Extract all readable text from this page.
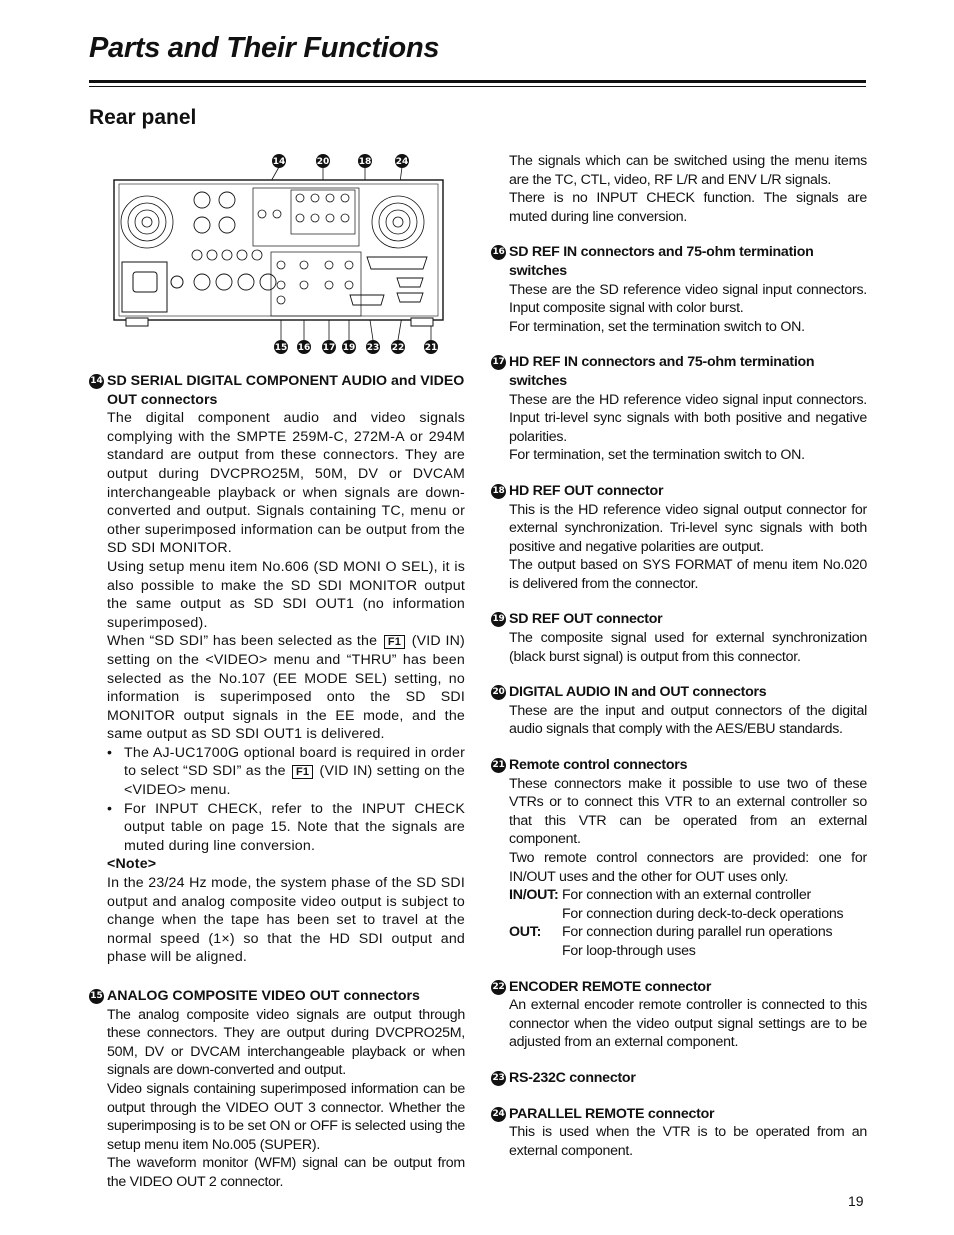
Parts and Their Functions
Rear panel
14	20	18	24
15 16 17 19 23 22 21
14 SD SERIAL DIGITAL COMPONENT AUDIO and VIDEO OUT connectors

The digital component audio and video signals complying with the SMPTE 259M-C, 272M-A or 294M standard are output from these connectors. They are output during DVCPRO25M, 50M, DV or DVCAM interchangeable playback or when signals are down-converted and output. Signals containing TC, menu or other superimposed information can be output from the SD SDI MONITOR.

Using setup menu item No.606 (SD MONI O SEL), it is also possible to make the SD SDI MONITOR output the same output as SD SDI OUT1 (no information superimposed).

When “SD SDI” has been selected as the F1 (VID IN) setting on the <VIDEO> menu and “THRU” has been selected as the No.107 (EE MODE SEL) setting, no information is superimposed onto the SD SDI MONITOR output signals in the EE mode, and the same output as SD SDI OUT1 is delivered.

• The AJ-UC1700G optional board is required in order to select “SD SDI” as the F1 (VID IN) setting on the <VIDEO> menu.
• For INPUT CHECK, refer to the INPUT CHECK output table on page 15. Note that the signals are muted during line conversion.

<Note>

In the 23/24 Hz mode, the system phase of the SD SDI output and analog composite video output is subject to change when the tape has been set to travel at the normal speed (1×) so that the HD SDI output and phase will be aligned.

15 ANALOG COMPOSITE VIDEO OUT connectors

The analog composite video signals are output through these connectors. They are output during DVCPRO25M, 50M, DV or DVCAM interchangeable playback or when signals are down-converted and output.

Video signals containing superimposed information can be output through the VIDEO OUT 3 connector. Whether the superimposing is to be set ON or OFF is selected using the setup menu item No.005 (SUPER).

The waveform monitor (WFM) signal can be output from the VIDEO OUT 2 connector.

The signals which can be switched using the menu items are the TC, CTL, video, RF L/R and ENV L/R signals.

There is no INPUT CHECK function. The signals are muted during line conversion.

16 SD REF IN connectors and 75-ohm termination switches

These are the SD reference video signal input connectors. Input composite signal with color burst.

For termination, set the termination switch to ON.

17 HD REF IN connectors and 75-ohm termination switches

These are the HD reference video signal input connectors. Input tri-level sync signals with both positive and negative polarities.

For termination, set the termination switch to ON.

18 HD REF OUT connector

This is the HD reference video signal output connector for external synchronization. Tri-level sync signals with both positive and negative polarities are output.

The output based on SYS FORMAT of menu item No.020 is delivered from the connector.

19 SD REF OUT connector

The composite signal used for external synchronization (black burst signal) is output from this connector.

20 DIGITAL AUDIO IN and OUT connectors

These are the input and output connectors of the digital audio signals that comply with the AES/EBU standards.

21 Remote control connectors

These connectors make it possible to use two of these VTRs or to connect this VTR to an external controller so that this VTR can be operated from an external component.

Two remote control connectors are provided: one for IN/OUT uses and the other for OUT uses only.

IN/OUT: For connection with an external controller
For connection during deck-to-deck operations
OUT:	For connection during parallel run operations
For loop-through uses
22 ENCODER REMOTE connector

An external encoder remote controller is connected to this connector when the video output signal settings are to be adjusted from an external component.

23 RS-232C connector
24 PARALLEL REMOTE connector

This is used when the VTR is to be operated from an external component.

19
